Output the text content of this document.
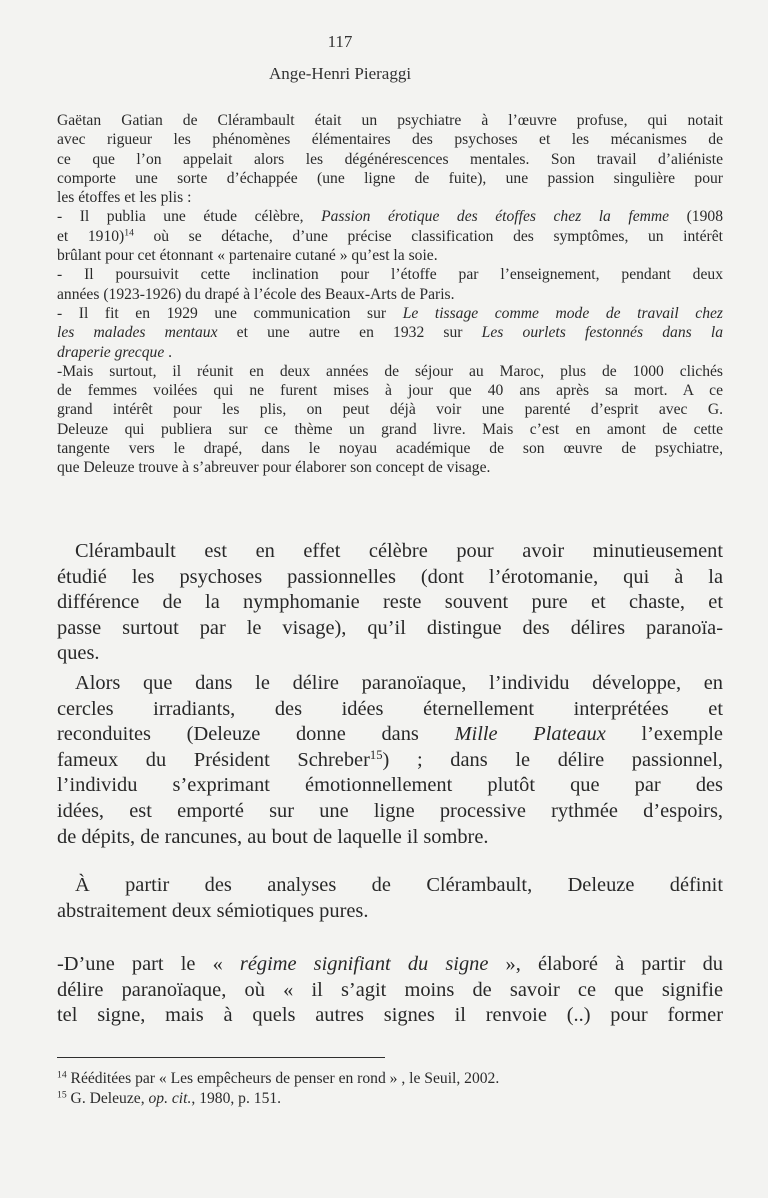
117
Ange-Henri Pieraggi
Gaëtan Gatian de Clérambault était un psychiatre à l’œuvre profuse, qui notait
avec rigueur les phénomènes élémentaires des psychoses et les mécanismes de
ce que l’on appelait alors les dégénérescences mentales. Son travail d’aliéniste
comporte une sorte d’échappée (une ligne de fuite), une passion singulière pour
les étoffes et les plis :
- Il publia une étude célèbre, Passion érotique des étoffes chez la femme (1908
et 1910)$^{14}$ où se détache, d’une précise classification des symptômes, un intérêt
brûlant pour cet étonnant « partenaire cutané » qu’est la soie.
- Il poursuivit cette inclination pour l’étoffe par l’enseignement, pendant deux
années (1923-1926) du drapé à l’école des Beaux-Arts de Paris.
- Il fit en 1929 une communication sur Le tissage comme mode de travail chez
les malades mentaux et une autre en 1932 sur Les ourlets festonnés dans la
draperie grecque .
-Mais surtout, il réunit en deux années de séjour au Maroc, plus de 1000 clichés
de femmes voilées qui ne furent mises à jour que 40 ans après sa mort. A ce
grand intérêt pour les plis, on peut déjà voir une parenté d’esprit avec G.
Deleuze qui publiera sur ce thème un grand livre. Mais c’est en amont de cette
tangente vers le drapé, dans le noyau académique de son œuvre de psychiatre,
que Deleuze trouve à s’abreuver pour élaborer son concept de visage.
Clérambault est en effet célèbre pour avoir minutieusement
étudié les psychoses passionnelles (dont l’érotomanie, qui à la
différence de la nymphomanie reste souvent pure et chaste, et
passe surtout par le visage), qu’il distingue des délires paranoïa-
ques.
Alors que dans le délire paranoïaque, l’individu développe, en
cercles irradiants, des idées éternellement interprétées et
reconduites (Deleuze donne dans Mille Plateaux l’exemple
fameux du Président Schreber$^{15}$) ; dans le délire passionnel,
l’individu s’exprimant émotionnellement plutôt que par des
idées, est emporté sur une ligne processive rythmée d’espoirs,
de dépits, de rancunes, au bout de laquelle il sombre.
À partir des analyses de Clérambault, Deleuze définit
abstraitement deux sémiotiques pures.
-D’une part le « régime signifiant du signe », élaboré à partir du
délire paranoïaque, où « il s’agit moins de savoir ce que signifie
tel signe, mais à quels autres signes il renvoie (..) pour former
$^{14}$ Rééditées par « Les empêcheurs de penser en rond » , le Seuil, 2002.
$^{15}$ G. Deleuze, op. cit., 1980, p. 151.
